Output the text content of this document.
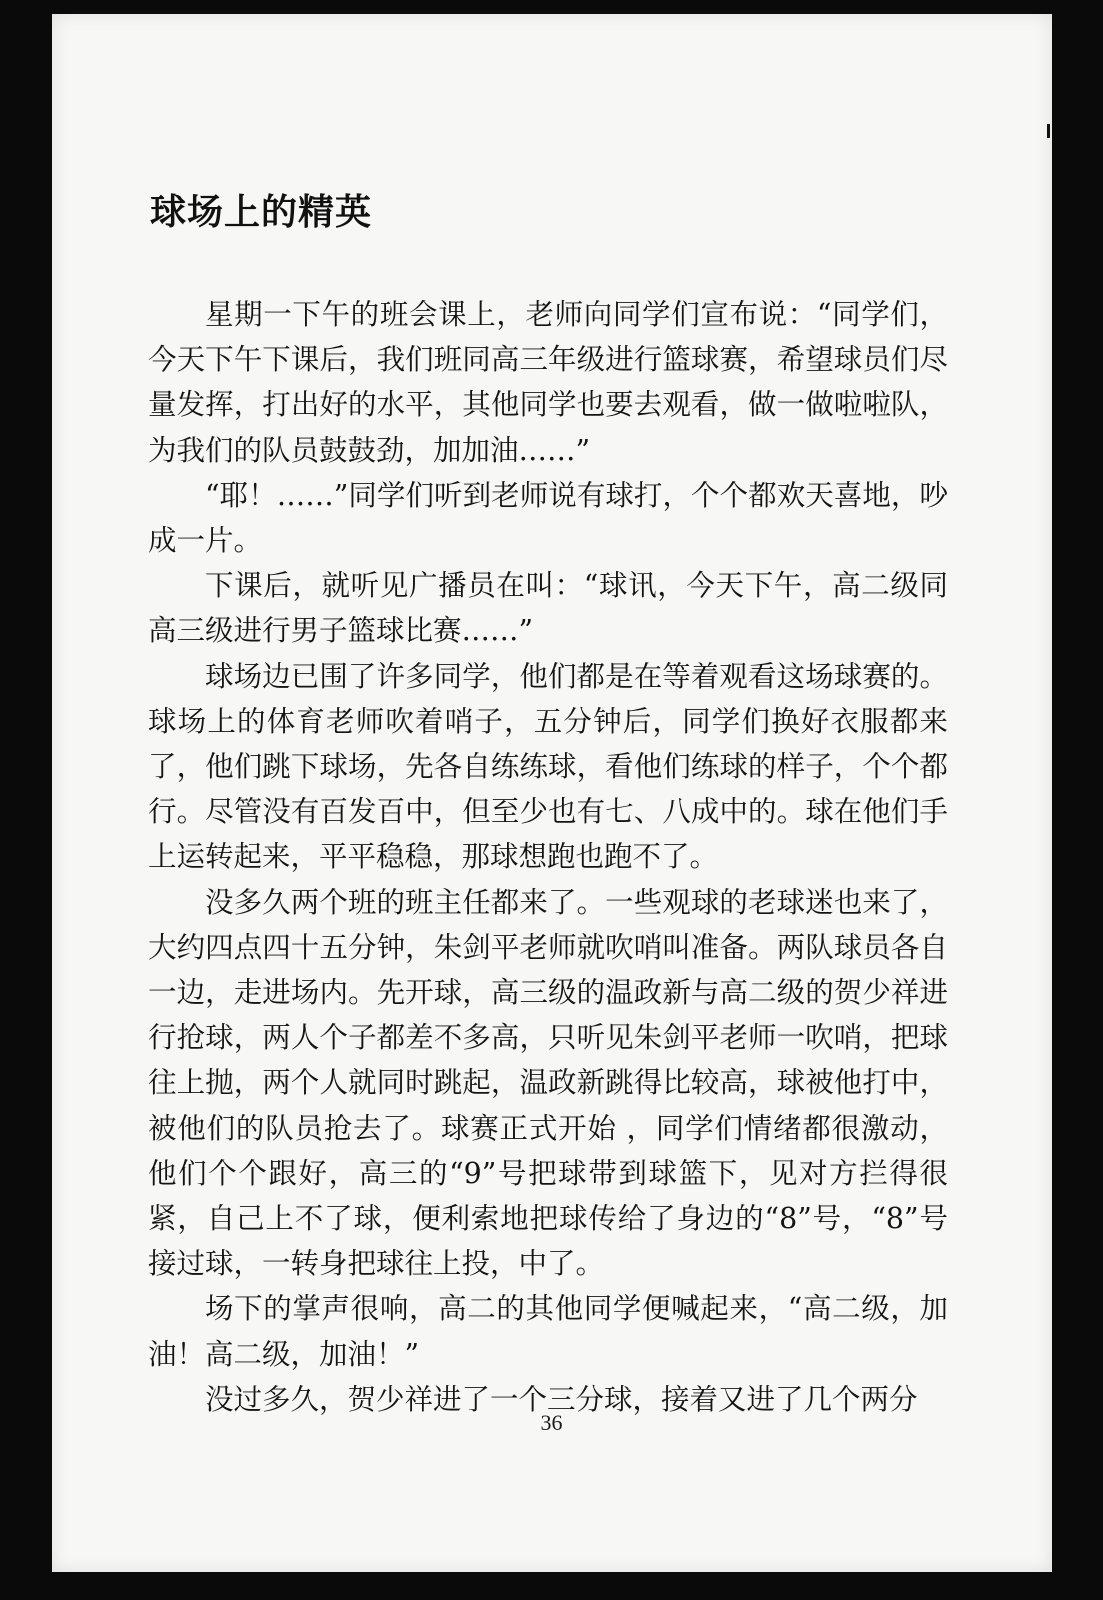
球场上的精英

星期一下午的班会课上，老师向同学们宣布说：“同学们，今天下午下课后，我们班同高三年级进行篮球赛，希望球员们尽量发挥，打出好的水平，其他同学也要去观看，做一做啦啦队，为我们的队员鼓鼓劲，加加油……”

“耶！……”同学们听到老师说有球打，个个都欢天喜地，吵成一片。

下课后，就听见广播员在叫：“球讯，今天下午，高二级同高三级进行男子篮球比赛……”

球场边已围了许多同学，他们都是在等着观看这场球赛的。球场上的体育老师吹着哨子，五分钟后，同学们换好衣服都来了，他们跳下球场，先各自练练球，看他们练球的样子，个个都行。尽管没有百发百中，但至少也有七、八成中的。球在他们手上运转起来，平平稳稳，那球想跑也跑不了。

没多久两个班的班主任都来了。一些观球的老球迷也来了，大约四点四十五分钟，朱剑平老师就吹哨叫准备。两队球员各自一边，走进场内。先开球，高三级的温政新与高二级的贺少祥进行抢球，两人个子都差不多高，只听见朱剑平老师一吹哨，把球往上抛，两个人就同时跳起，温政新跳得比较高，球被他打中，被他们的队员抢去了。球赛正式开始 ，同学们情绪都很激动，他们个个跟好，高三的“9”号把球带到球篮下，见对方拦得很紧，自己上不了球，便利索地把球传给了身边的“8”号，“8”号接过球，一转身把球往上投，中了。

场下的掌声很响，高二的其他同学便喊起来，“高二级，加油！高二级，加油！”

没过多久，贺少祥进了一个三分球，接着又进了几个两分

36
